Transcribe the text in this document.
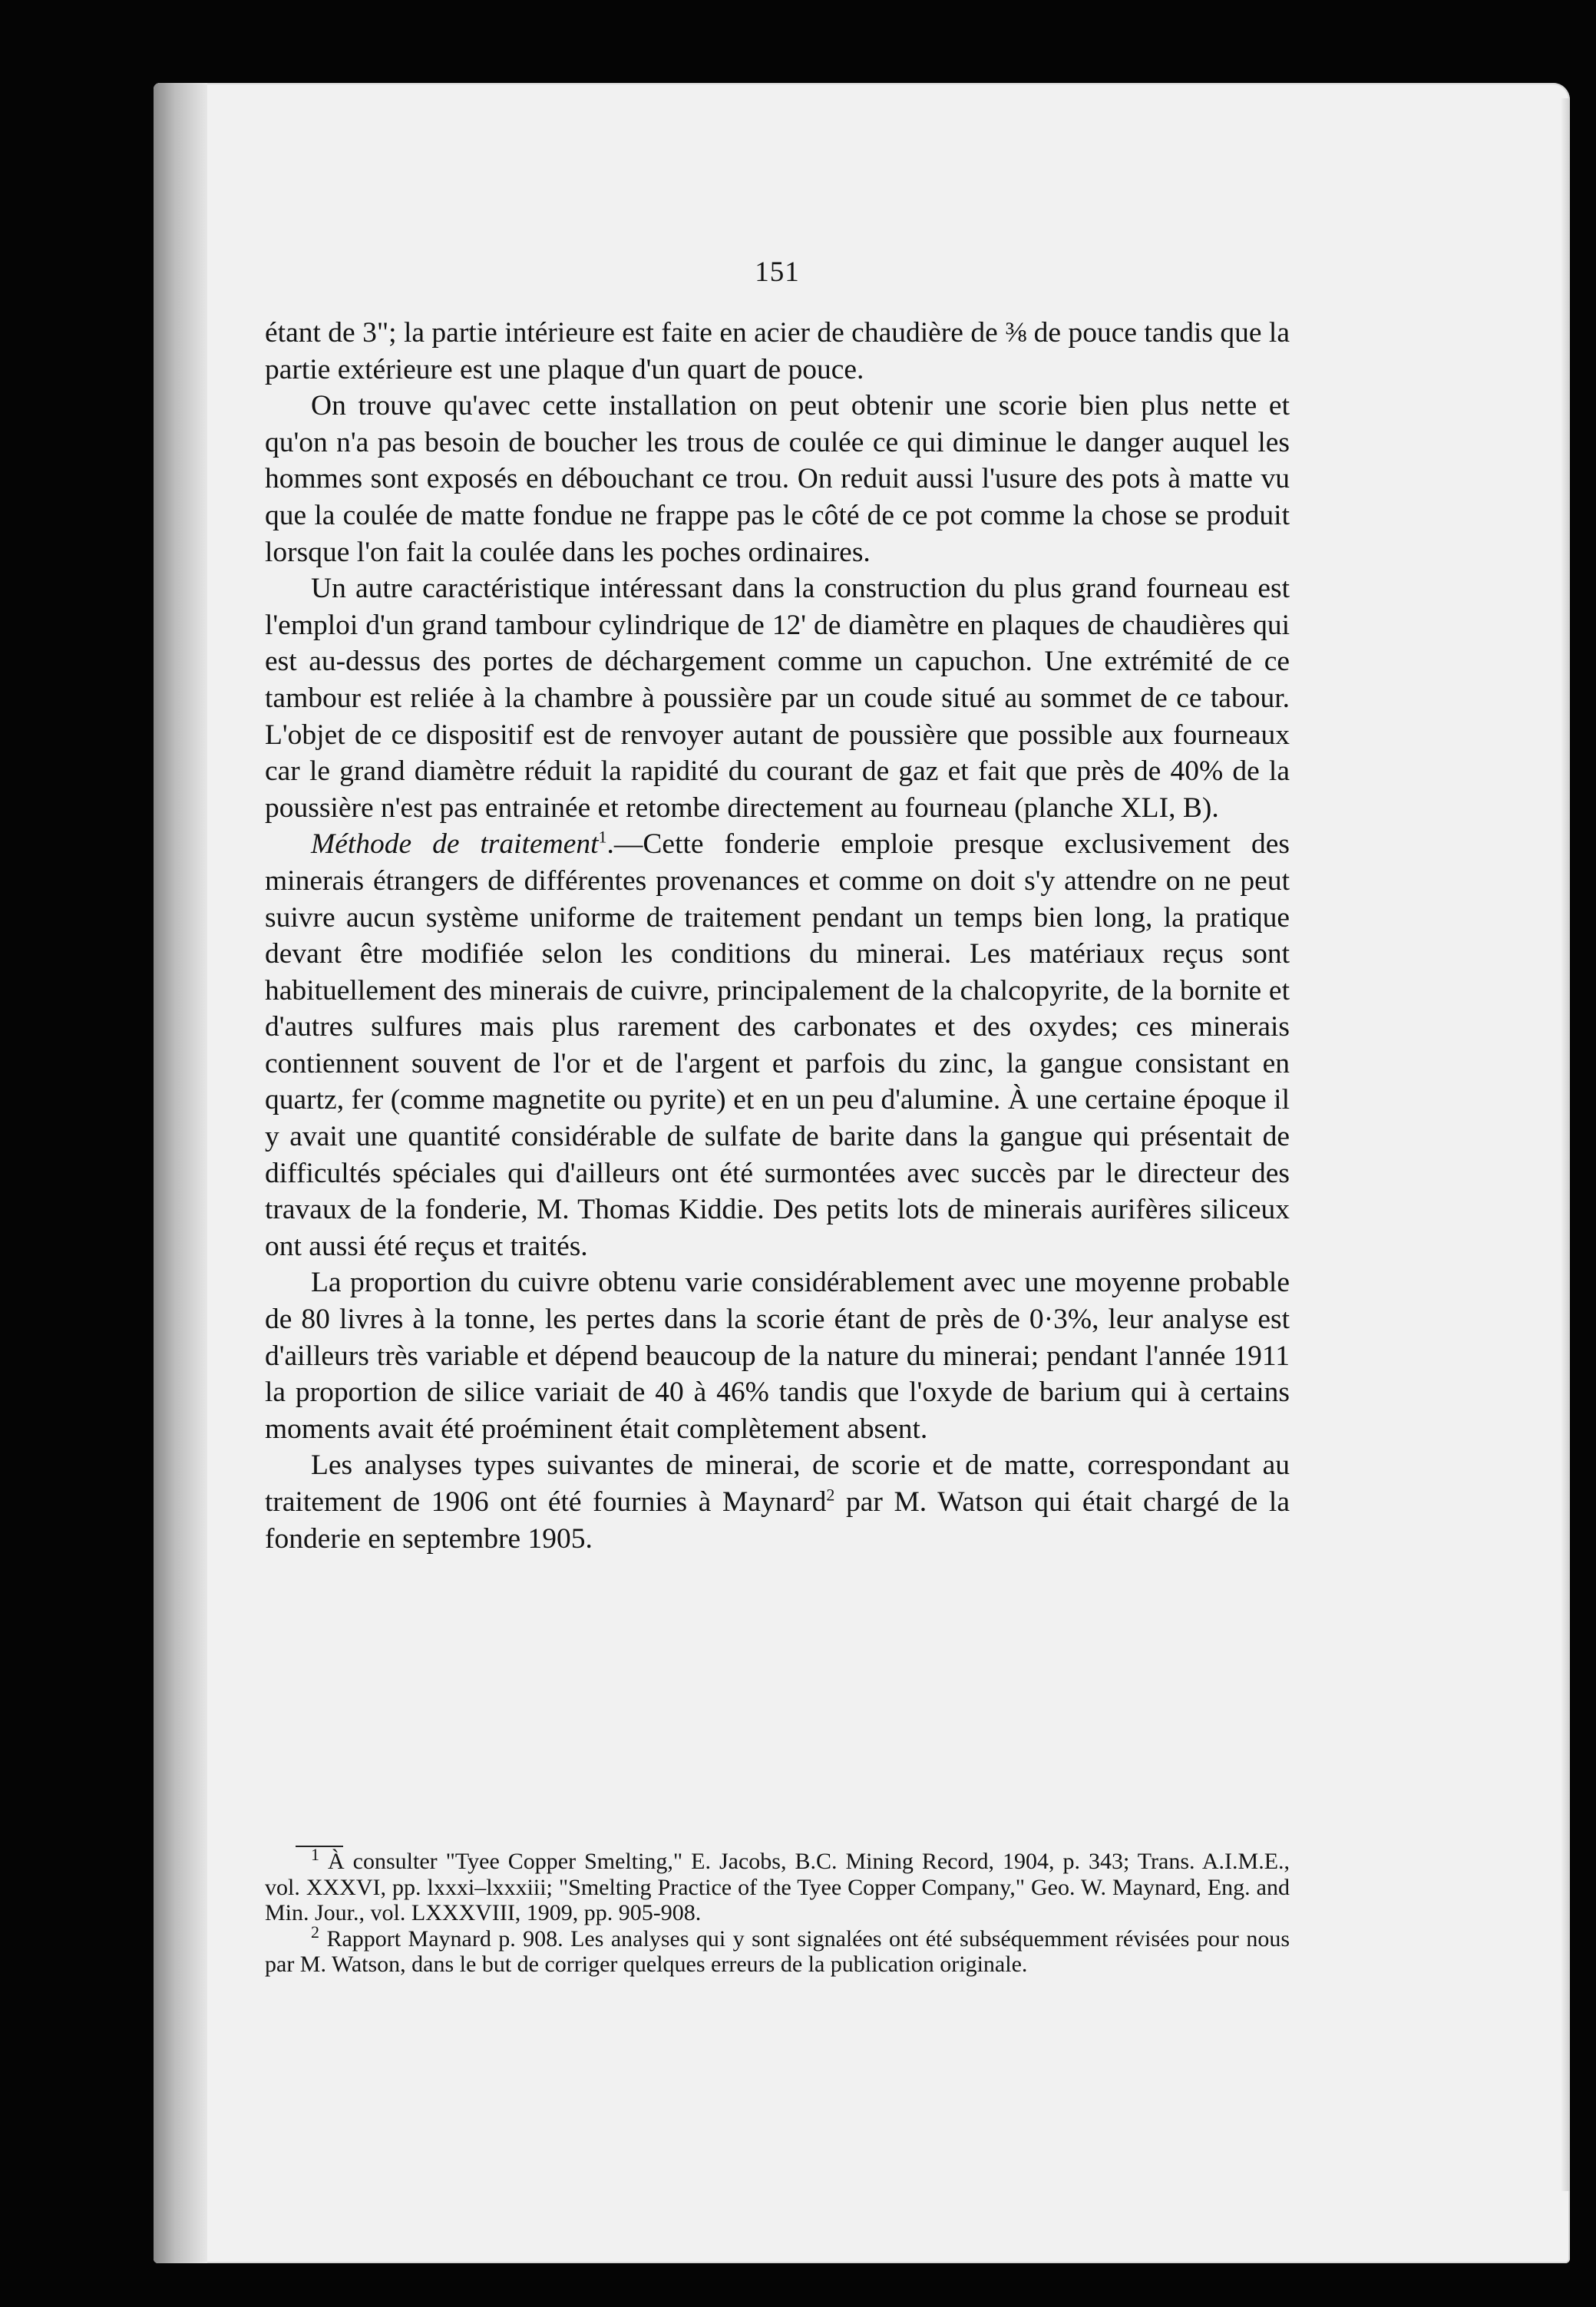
151

étant de 3"; la partie intérieure est faite en acier de chaudière de ⅜ de pouce tandis que la partie extérieure est une plaque d'un quart de pouce.

On trouve qu'avec cette installation on peut obtenir une scorie bien plus nette et qu'on n'a pas besoin de boucher les trous de coulée ce qui diminue le danger auquel les hommes sont exposés en débouchant ce trou. On reduit aussi l'usure des pots à matte vu que la coulée de matte fondue ne frappe pas le côté de ce pot comme la chose se produit lorsque l'on fait la coulée dans les poches ordinaires.

Un autre caractéristique intéressant dans la construction du plus grand fourneau est l'emploi d'un grand tambour cylindrique de 12' de diamètre en plaques de chaudières qui est au-dessus des portes de déchargement comme un capuchon. Une extrémité de ce tambour est reliée à la chambre à poussière par un coude situé au sommet de ce tabour. L'objet de ce dispositif est de renvoyer autant de poussière que possible aux fourneaux car le grand diamètre réduit la rapidité du courant de gaz et fait que près de 40% de la poussière n'est pas entrainée et retombe directement au fourneau (planche XLI, B).

Méthode de traitement$^1$.—Cette fonderie emploie presque exclusivement des minerais étrangers de différentes provenances et comme on doit s'y attendre on ne peut suivre aucun système uniforme de traitement pendant un temps bien long, la pratique devant être modifiée selon les conditions du minerai. Les matériaux reçus sont habituellement des minerais de cuivre, principalement de la chalcopyrite, de la bornite et d'autres sulfures mais plus rarement des carbonates et des oxydes; ces minerais contiennent souvent de l'or et de l'argent et parfois du zinc, la gangue consistant en quartz, fer (comme magnetite ou pyrite) et en un peu d'alumine. À une certaine époque il y avait une quantité considérable de sulfate de barite dans la gangue qui présentait de difficultés spéciales qui d'ailleurs ont été surmontées avec succès par le directeur des travaux de la fonderie, M. Thomas Kiddie. Des petits lots de minerais aurifères siliceux ont aussi été reçus et traités.

La proportion du cuivre obtenu varie considérablement avec une moyenne probable de 80 livres à la tonne, les pertes dans la scorie étant de près de 0·3%, leur analyse est d'ailleurs très variable et dépend beaucoup de la nature du minerai; pendant l'année 1911 la proportion de silice variait de 40 à 46% tandis que l'oxyde de barium qui à certains moments avait été proéminent était complètement absent.

Les analyses types suivantes de minerai, de scorie et de matte, correspondant au traitement de 1906 ont été fournies à Maynard$^2$ par M. Watson qui était chargé de la fonderie en septembre 1905.

$^1$ À consulter "Tyee Copper Smelting," E. Jacobs, B.C. Mining Record, 1904, p. 343; Trans. A.I.M.E., vol. XXXVI, pp. lxxxi–lxxxiii; "Smelting Practice of the Tyee Copper Company," Geo. W. Maynard, Eng. and Min. Jour., vol. LXXXVIII, 1909, pp. 905-908.

$^2$ Rapport Maynard p. 908. Les analyses qui y sont signalées ont été subséquemment révisées pour nous par M. Watson, dans le but de corriger quelques erreurs de la publication originale.
